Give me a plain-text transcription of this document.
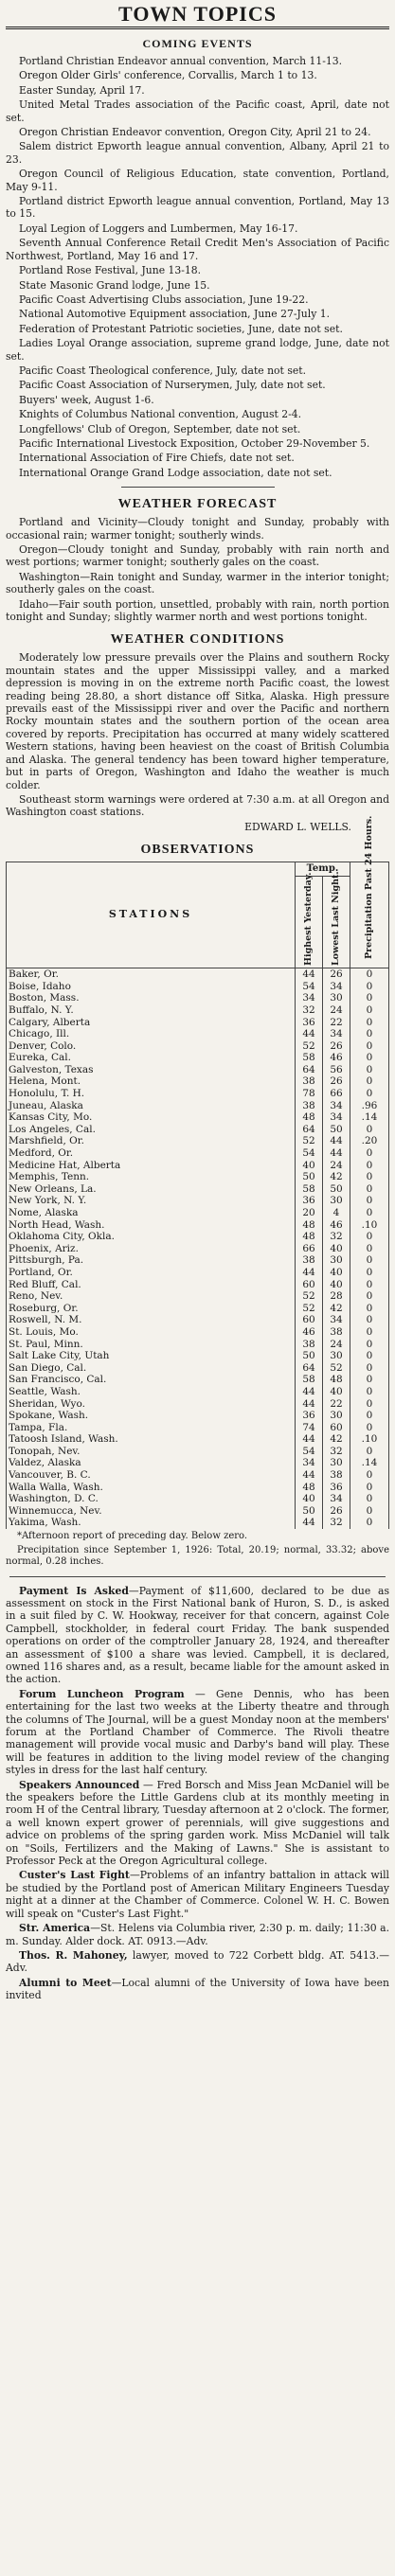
TOWN TOPICS
COMING EVENTS

Portland Christian Endeavor annual convention, March 11-13.

Oregon Older Girls' conference, Corvallis, March 1 to 13.

Easter Sunday, April 17.

United Metal Trades association of the Pacific coast, April, date not set.

Oregon Christian Endeavor convention, Oregon City, April 21 to 24.

Salem district Epworth league annual convention, Albany, April 21 to 23.

Oregon Council of Religious Education, state convention, Portland, May 9-11.

Portland district Epworth league annual convention, Portland, May 13 to 15.

Loyal Legion of Loggers and Lumbermen, May 16-17.

Seventh Annual Conference Retail Credit Men's Association of Pacific Northwest, Portland, May 16 and 17.

Portland Rose Festival, June 13-18.

State Masonic Grand lodge, June 15.

Pacific Coast Advertising Clubs association, June 19-22.

National Automotive Equipment association, June 27-July 1.

Federation of Protestant Patriotic societies, June, date not set.

Ladies Loyal Orange association, supreme grand lodge, June, date not set.

Pacific Coast Theological conference, July, date not set.

Pacific Coast Association of Nurserymen, July, date not set.

Buyers' week, August 1-6.

Knights of Columbus National convention, August 2-4.

Longfellows' Club of Oregon, September, date not set.

Pacific International Livestock Exposition, October 29-November 5.

International Association of Fire Chiefs, date not set.

International Orange Grand Lodge association, date not set.

WEATHER FORECAST

Portland and Vicinity—Cloudy tonight and Sunday, probably with occasional rain; warmer tonight; southerly winds.

Oregon—Cloudy tonight and Sunday, probably with rain north and west portions; warmer tonight; southerly gales on the coast.

Washington—Rain tonight and Sunday, warmer in the interior tonight; southerly gales on the coast.

Idaho—Fair south portion, unsettled, probably with rain, north portion tonight and Sunday; slightly warmer north and west portions tonight.

WEATHER CONDITIONS

Moderately low pressure prevails over the Plains and southern Rocky mountain states and the upper Mississippi valley, and a marked depression is moving in on the extreme north Pacific coast, the lowest reading being 28.80, a short distance off Sitka, Alaska. High pressure prevails east of the Mississippi river and over the Pacific and northern Rocky mountain states and the southern portion of the ocean area covered by reports. Precipitation has occurred at many widely scattered Western stations, having been heaviest on the coast of British Columbia and Alaska. The general tendency has been toward higher temperature, but in parts of Oregon, Washington and Idaho the weather is much colder.

Southeast storm warnings were ordered at 7:30 a.m. at all Oregon and Washington coast stations.

EDWARD L. WELLS.

OBSERVATIONS
STATIONS	Temp.		Precipitation Past 24 Hours.

	Highest Yesterday.	Lowest Last Night.	

Baker, Or.	44	26	0
Boise, Idaho	54	34	0
Boston, Mass.	34	30	0
Buffalo, N. Y.	32	24	0
Calgary, Alberta	36	22	0
Chicago, Ill.	44	34	0
Denver, Colo.	52	26	0
Eureka, Cal.	58	46	0
Galveston, Texas	64	56	0
Helena, Mont.	38	26	0
Honolulu, T. H.	78	66	0
Juneau, Alaska	38	34	.96
Kansas City, Mo.	48	34	.14
Los Angeles, Cal.	64	50	0
Marshfield, Or.	52	44	.20
Medford, Or.	54	44	0
Medicine Hat, Alberta	40	24	0
Memphis, Tenn.	50	42	0
New Orleans, La.	58	50	0
New York, N. Y.	36	30	0
Nome, Alaska	20	4	0
North Head, Wash.	48	46	.10
Oklahoma City, Okla.	48	32	0
Phoenix, Ariz.	66	40	0
Pittsburgh, Pa.	38	30	0
Portland, Or.	44	40	0
Red Bluff, Cal.	60	40	0
Reno, Nev.	52	28	0
Roseburg, Or.	52	42	0
Roswell, N. M.	60	34	0
St. Louis, Mo.	46	38	0
St. Paul, Minn.	38	24	0
Salt Lake City, Utah	50	30	0
San Diego, Cal.	64	52	0
San Francisco, Cal.	58	48	0
Seattle, Wash.	44	40	0
Sheridan, Wyo.	44	22	0
Spokane, Wash.	36	30	0
Tampa, Fla.	74	60	0
Tatoosh Island, Wash.	44	42	.10
Tonopah, Nev.	54	32	0
Valdez, Alaska	34	30	.14
Vancouver, B. C.	44	38	0
Walla Walla, Wash.	48	36	0
Washington, D. C.	40	34	0
Winnemucca, Nev.	50	26	0
Yakima, Wash.	44	32	0

*Afternoon report of preceding day. Below zero.

Precipitation since September 1, 1926: Total, 20.19; normal, 33.32; above normal, 0.28 inches.

Payment Is Asked—Payment of $11,600, declared to be due as assessment on stock in the First National bank of Huron, S. D., is asked in a suit filed by C. W. Hookway, receiver for that concern, against Cole Campbell, stockholder, in federal court Friday. The bank suspended operations on order of the comptroller January 28, 1924, and thereafter an assessment of $100 a share was levied. Campbell, it is declared, owned 116 shares and, as a result, became liable for the amount asked in the action.

Forum Luncheon Program — Gene Dennis, who has been entertaining for the last two weeks at the Liberty theatre and through the columns of The Journal, will be a guest Monday noon at the members' forum at the Portland Chamber of Commerce. The Rivoli theatre management will provide vocal music and Darby's band will play. These will be features in addition to the living model review of the changing styles in dress for the last half century.

Speakers Announced — Fred Borsch and Miss Jean McDaniel will be the speakers before the Little Gardens club at its monthly meeting in room H of the Central library, Tuesday afternoon at 2 o'clock. The former, a well known expert grower of perennials, will give suggestions and advice on problems of the spring garden work. Miss McDaniel will talk on "Soils, Fertilizers and the Making of Lawns." She is assistant to Professor Peck at the Oregon Agricultural college.

Custer's Last Fight—Problems of an infantry battalion in attack will be studied by the Portland post of American Military Engineers Tuesday night at a dinner at the Chamber of Commerce. Colonel W. H. C. Bowen will speak on "Custer's Last Fight."

Str. America—St. Helens via Columbia river, 2:30 p. m. daily; 11:30 a. m. Sunday. Alder dock. AT. 0913.—Adv.

Thos. R. Mahoney, lawyer, moved to 722 Corbett bldg. AT. 5413.—Adv.

Alumni to Meet—Local alumni of the University of Iowa have been invited
